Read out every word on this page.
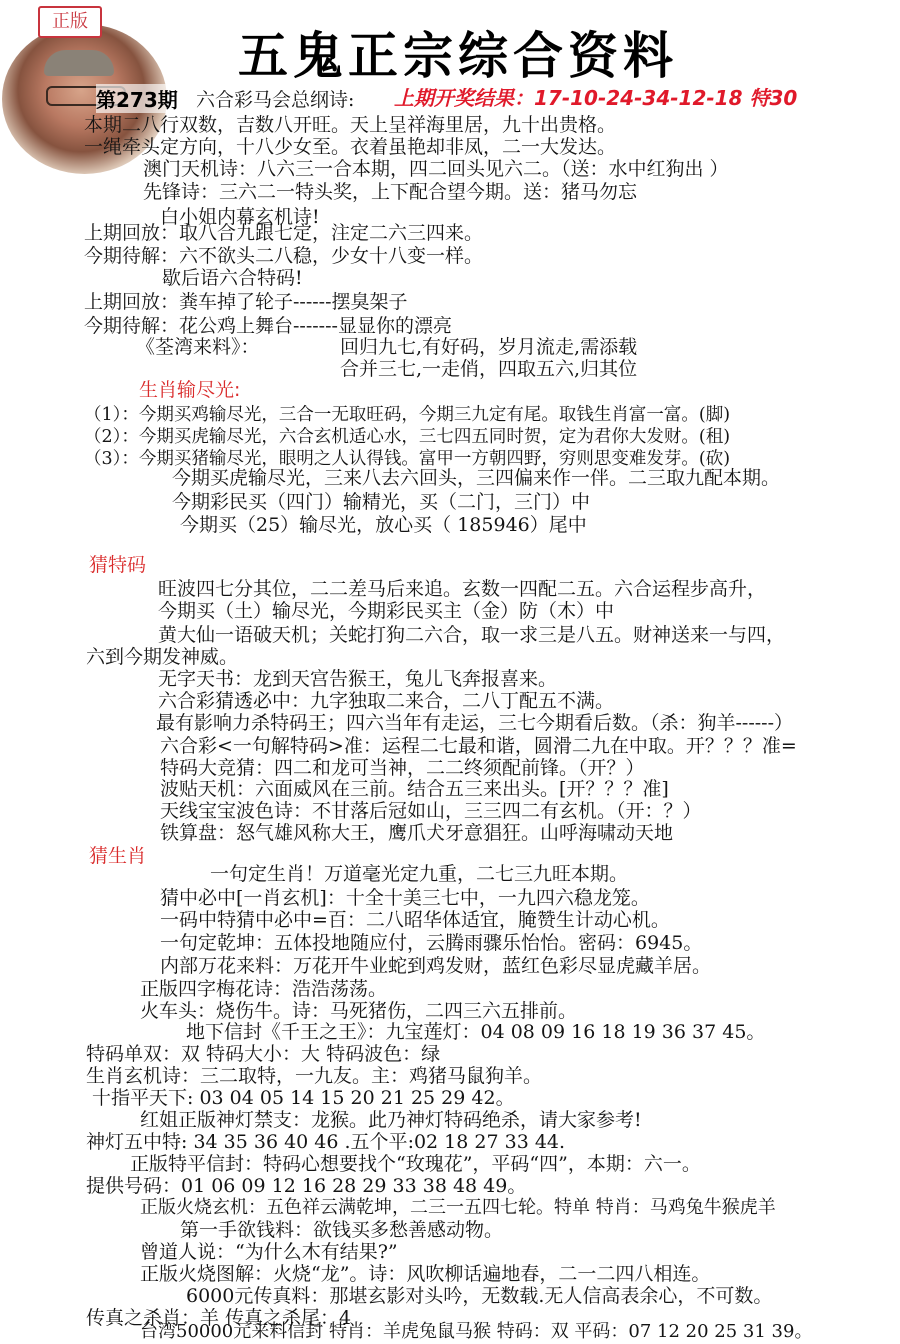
正版
五鬼正宗综合资料
第273期	上期开奖结果：17-10-24-34-12-18 特30
六合彩马会总纲诗:
本期二八行双数，吉数八开旺。天上呈祥海里居，九十出贵格。
一绳牵头定方向，十八少女至。衣着虽艳却非凤，二一大发达。
澳门天机诗：八六三一合本期，四二回头见六二。（送：水中红狗出 ）
先锋诗：三六二一特头奖，上下配合望今期。送：猪马勿忘
白小姐内幕玄机诗!
上期回放：取八合九跟七定，注定二六三四来。
今期待解：六不欲头二八稳，少女十八变一样。
歇后语六合特码!
上期回放：粪车掉了轮子------摆臭架子
今期待解：花公鸡上舞台-------显显你的漂亮
《荃湾来料》：	回归九七,有好码，岁月流走,需添载
合并三七,一走俏，四取五六,归其位
生肖输尽光:
（1）：今期买鸡输尽光，三合一无取旺码，今期三九定有尾。取钱生肖富一富。(脚)
（2）：今期买虎输尽光，六合玄机适心水，三七四五同时贺，定为君你大发财。(租)
（3）：今期买猪输尽光，眼明之人认得钱。富甲一方朝四野，穷则思变难发芽。(砍)
今期买虎输尽光，三来八去六回头，三四偏来作一伴。二三取九配本期。
今期彩民买（四门）输精光，买（二门，三门）中
今期买（25）输尽光，放心买（ 185946）尾中
猜特码
旺波四七分其位，二二差马后来追。玄数一四配二五。六合运程步高升，
今期买（土）输尽光，今期彩民买主（金）防（木）中
黄大仙一语破天机；关蛇打狗二六合，取一求三是八五。财神送来一与四，
六到今期发神威。
无字天书：龙到天宫告猴王，兔儿飞奔报喜来。
六合彩猜透必中：九字独取二来合，二八丁配五不满。
最有影响力杀特码王；四六当年有走运，三七今期看后数。（杀：狗羊------）
六合彩<一句解特码>准：运程二七最和谐，圆滑二九在中取。开？？？准=
特码大竞猜：四二和龙可当神，二二终须配前锋。（开？）
波贴天机：六面威风在三前。结合五三来出头。[开？？？准]
天线宝宝波色诗：不甘落后冠如山，三三四二有玄机。（开：？）
铁算盘：怒气雄风称大王，鹰爪犬牙意猖狂。山呼海啸动天地
猜生肖
一句定生肖！万道毫光定九重，二七三九旺本期。
猜中必中[一肖玄机]：十全十美三七中，一九四六稳龙笼。
一码中特猜中必中=百：二八昭华体适宜，腌赞生计动心机。
一句定乾坤：五体投地随应付，云腾雨骤乐怡怡。密码：6945。
内部万花来料：万花开牛业蛇到鸡发财，蓝红色彩尽显虎藏羊居。
正版四字梅花诗：浩浩荡荡。
火车头：烧伤牛。诗：马死猪伤，二四三六五排前。
地下信封《千王之王》：九宝莲灯：04 08 09 16 18 19 36 37 45。
特码单双：双 特码大小：大 特码波色：绿
生肖玄机诗：三二取特，一九友。主：鸡猪马鼠狗羊。
十指平天下: 03 04 05 14 15 20 21 25 29 42。
红姐正版神灯禁支：龙猴。此乃神灯特码绝杀，请大家参考!
神灯五中特: 34 35 36 40 46 .五个平:02 18 27 33 44.
正版特平信封：特码心想要找个“玫瑰花”，平码“四”，本期：六一。
提供号码：01 06 09 12 16 28 29 33 38 48 49。
正版火烧玄机：五色祥云满乾坤，二三一五四七轮。特单 特肖：马鸡兔牛猴虎羊
第一手欲钱料：欲钱买多愁善感动物。
曾道人说：“为什么木有结果?”
正版火烧图解：火烧“龙”。诗：风吹柳话遍地春，二一二四八相连。
6000元传真料：那堪玄影对头吟，无数载.无人信高表余心，不可数。
传真之杀肖：羊 传真之杀尾：4
台湾50000元来料信封 特肖：羊虎兔鼠马猴 特码：双 平码：07 12 20 25 31 39。
